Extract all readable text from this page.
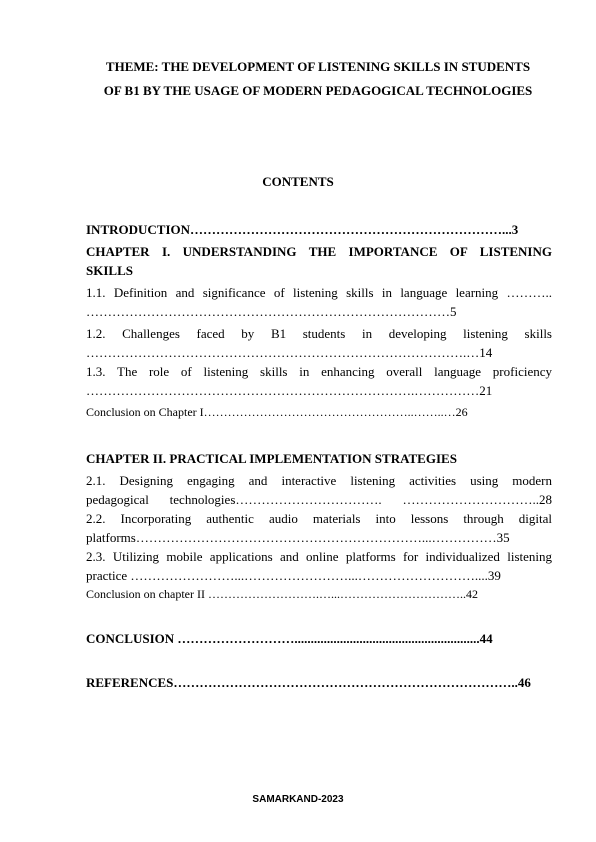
THEME: THE DEVELOPMENT OF LISTENING SKILLS IN STUDENTS
OF B1 BY THE USAGE OF MODERN PEDAGOGICAL TECHNOLOGIES
CONTENTS
INTRODUCTION………………………………………………………………...3
CHAPTER I. UNDERSTANDING THE IMPORTANCE OF LISTENING
SKILLS
1.1. Definition and significance of listening skills in language learning ………..
…………………………………………………………………………5
1.2. Challenges faced by B1 students in developing listening skills
…………………………………………………………………………….…14
1.3. The role of listening skills in enhancing overall language proficiency
………………………………………………………………….……………21
Conclusion on Chapter I……………………………………………..……..…26
CHAPTER II. PRACTICAL IMPLEMENTATION STRATEGIES
2.1. Designing engaging and interactive listening activities using modern
pedagogical technologies……………………………. …………………………..28
2.2. Incorporating authentic audio materials into lessons through digital
platforms…………………………………………………………...……………35
2.3. Utilizing mobile applications and online platforms for individualized listening
practice ……………………...……………………...………………………....39
Conclusion on chapter II ……………………….…...…………………………..42
CONCLUSION ……………………….........................................................44
REFERENCES……………………………………………………………………..46
SAMARKAND-2023
